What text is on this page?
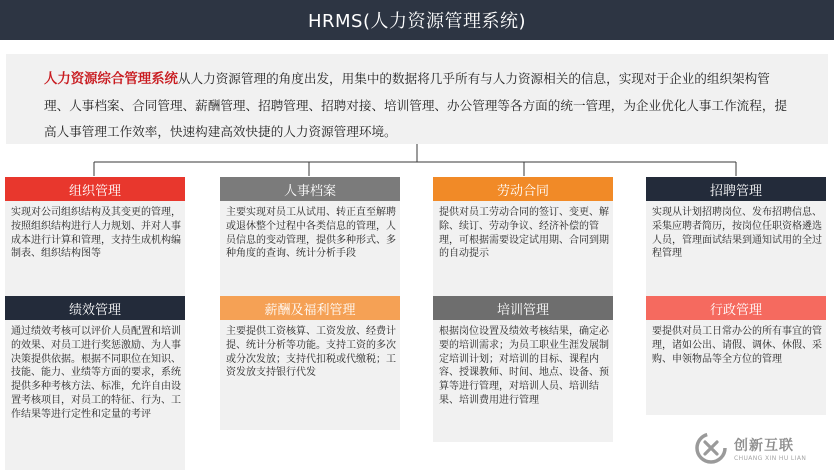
HRMS(人力资源管理系统)
人力资源综合管理系统从人力资源管理的角度出发，用集中的数据将几乎所有与人力资源相关的信息，实现对于企业的组织架构管理、人事档案、合同管理、薪酬管理、招聘管理、招聘对接、培训管理、办公管理等各方面的统一管理，为企业优化人事工作流程，提高人事管理工作效率，快速构建高效快捷的人力资源管理环境。
组织管理
实现对公司组织结构及其变更的管理，按照组织结构进行人力规划、并对人事成本进行计算和管理，支持生成机构编制表、组织结构图等
人事档案
主要实现对员工从试用、转正直至解聘或退休整个过程中各类信息的管理，人员信息的变动管理，提供多种形式、多种角度的查询、统计分析手段
劳动合同
提供对员工劳动合同的签订、变更、解除、续订、劳动争议、经济补偿的管理，可根据需要设定试用期、合同到期的自动提示
招聘管理
实现从计划招聘岗位、发布招聘信息、采集应聘者简历，按岗位任职资格遴选人员，管理面试结果到通知试用的全过程管理
绩效管理
通过绩效考核可以评价人员配置和培训的效果、对员工进行奖惩激励、为人事决策提供依据。根据不同职位在知识、技能、能力、业绩等方面的要求，系统提供多种考核方法、标准，允许自由设置考核项目，对员工的特征、行为、工作结果等进行定性和定量的考评
薪酬及福利管理
主要提供工资核算、工资发放、经费计提、统计分析等功能。支持工资的多次或分次发放；支持代扣税或代缴税；工资发放支持银行代发
培训管理
根据岗位设置及绩效考核结果，确定必要的培训需求；为员工职业生涯发展制定培训计划；对培训的目标、课程内容、授课教师、时间、地点、设备、预算等进行管理，对培训人员、培训结果、培训费用进行管理
行政管理
要提供对员工日常办公的所有事宜的管理，诸如公出、请假、调休、休假、采购、申领物品等全方位的管理
创新互联
CHUANG XIN HU LIAN
